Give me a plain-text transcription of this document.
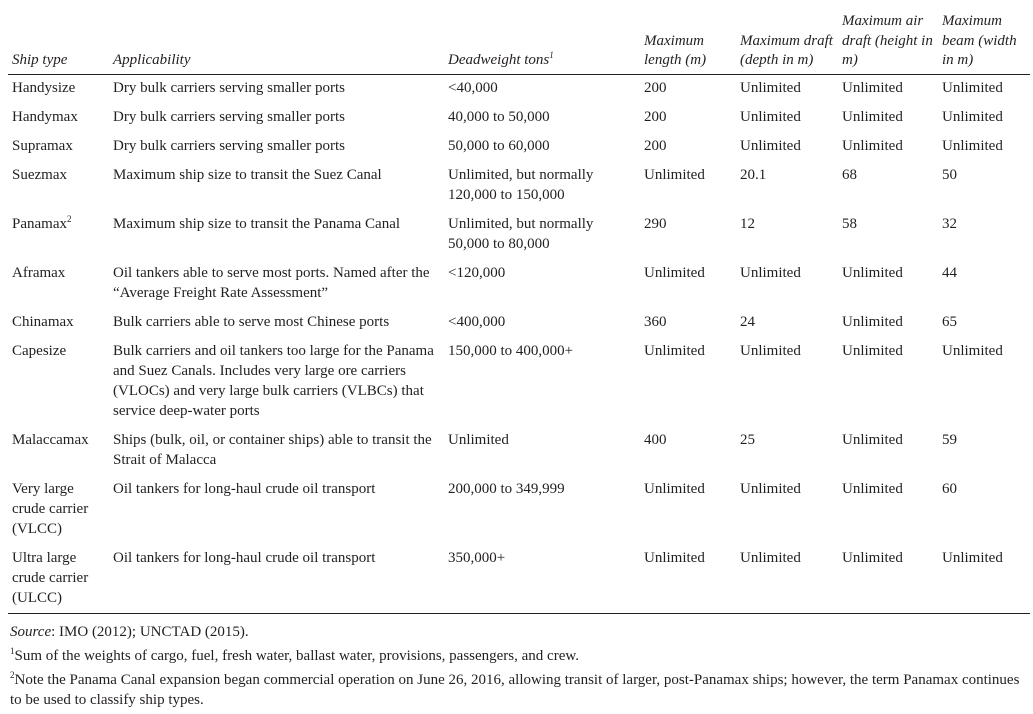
Ship type	Applicability	Deadweight tons$^1$	Maximum length (m)	Maximum draft (depth in m)	Maximum air draft (height in m)	Maximum beam (width in m)
Handysize	Dry bulk carriers serving smaller ports	<40,000	200	Unlimited	Unlimited	Unlimited
Handymax	Dry bulk carriers serving smaller ports	40,000 to 50,000	200	Unlimited	Unlimited	Unlimited
Supramax	Dry bulk carriers serving smaller ports	50,000 to 60,000	200	Unlimited	Unlimited	Unlimited
Suezmax	Maximum ship size to transit the Suez Canal	Unlimited, but normally 120,000 to 150,000	Unlimited	20.1	68	50
Panamax$^2$	Maximum ship size to transit the Panama Canal	Unlimited, but normally 50,000 to 80,000	290	12	58	32
Aframax	Oil tankers able to serve most ports. Named after the “Average Freight Rate Assessment”	<120,000	Unlimited	Unlimited	Unlimited	44
Chinamax	Bulk carriers able to serve most Chinese ports	<400,000	360	24	Unlimited	65
Capesize	Bulk carriers and oil tankers too large for the Panama and Suez Canals. Includes very large ore carriers (VLOCs) and very large bulk carriers (VLBCs) that service deep-water ports	150,000 to 400,000+	Unlimited	Unlimited	Unlimited	Unlimited
Malaccamax	Ships (bulk, oil, or container ships) able to transit the Strait of Malacca	Unlimited	400	25	Unlimited	59
Very large crude carrier (VLCC)	Oil tankers for long-haul crude oil transport	200,000 to 349,999	Unlimited	Unlimited	Unlimited	60
Ultra large crude carrier (ULCC)	Oil tankers for long-haul crude oil transport	350,000+	Unlimited	Unlimited	Unlimited	Unlimited

Source: IMO (2012); UNCTAD (2015).

$^1$Sum of the weights of cargo, fuel, fresh water, ballast water, provisions, passengers, and crew.

$^2$Note the Panama Canal expansion began commercial operation on June 26, 2016, allowing transit of larger, post-Panamax ships; however, the term Panamax continues to be used to classify ship types.
